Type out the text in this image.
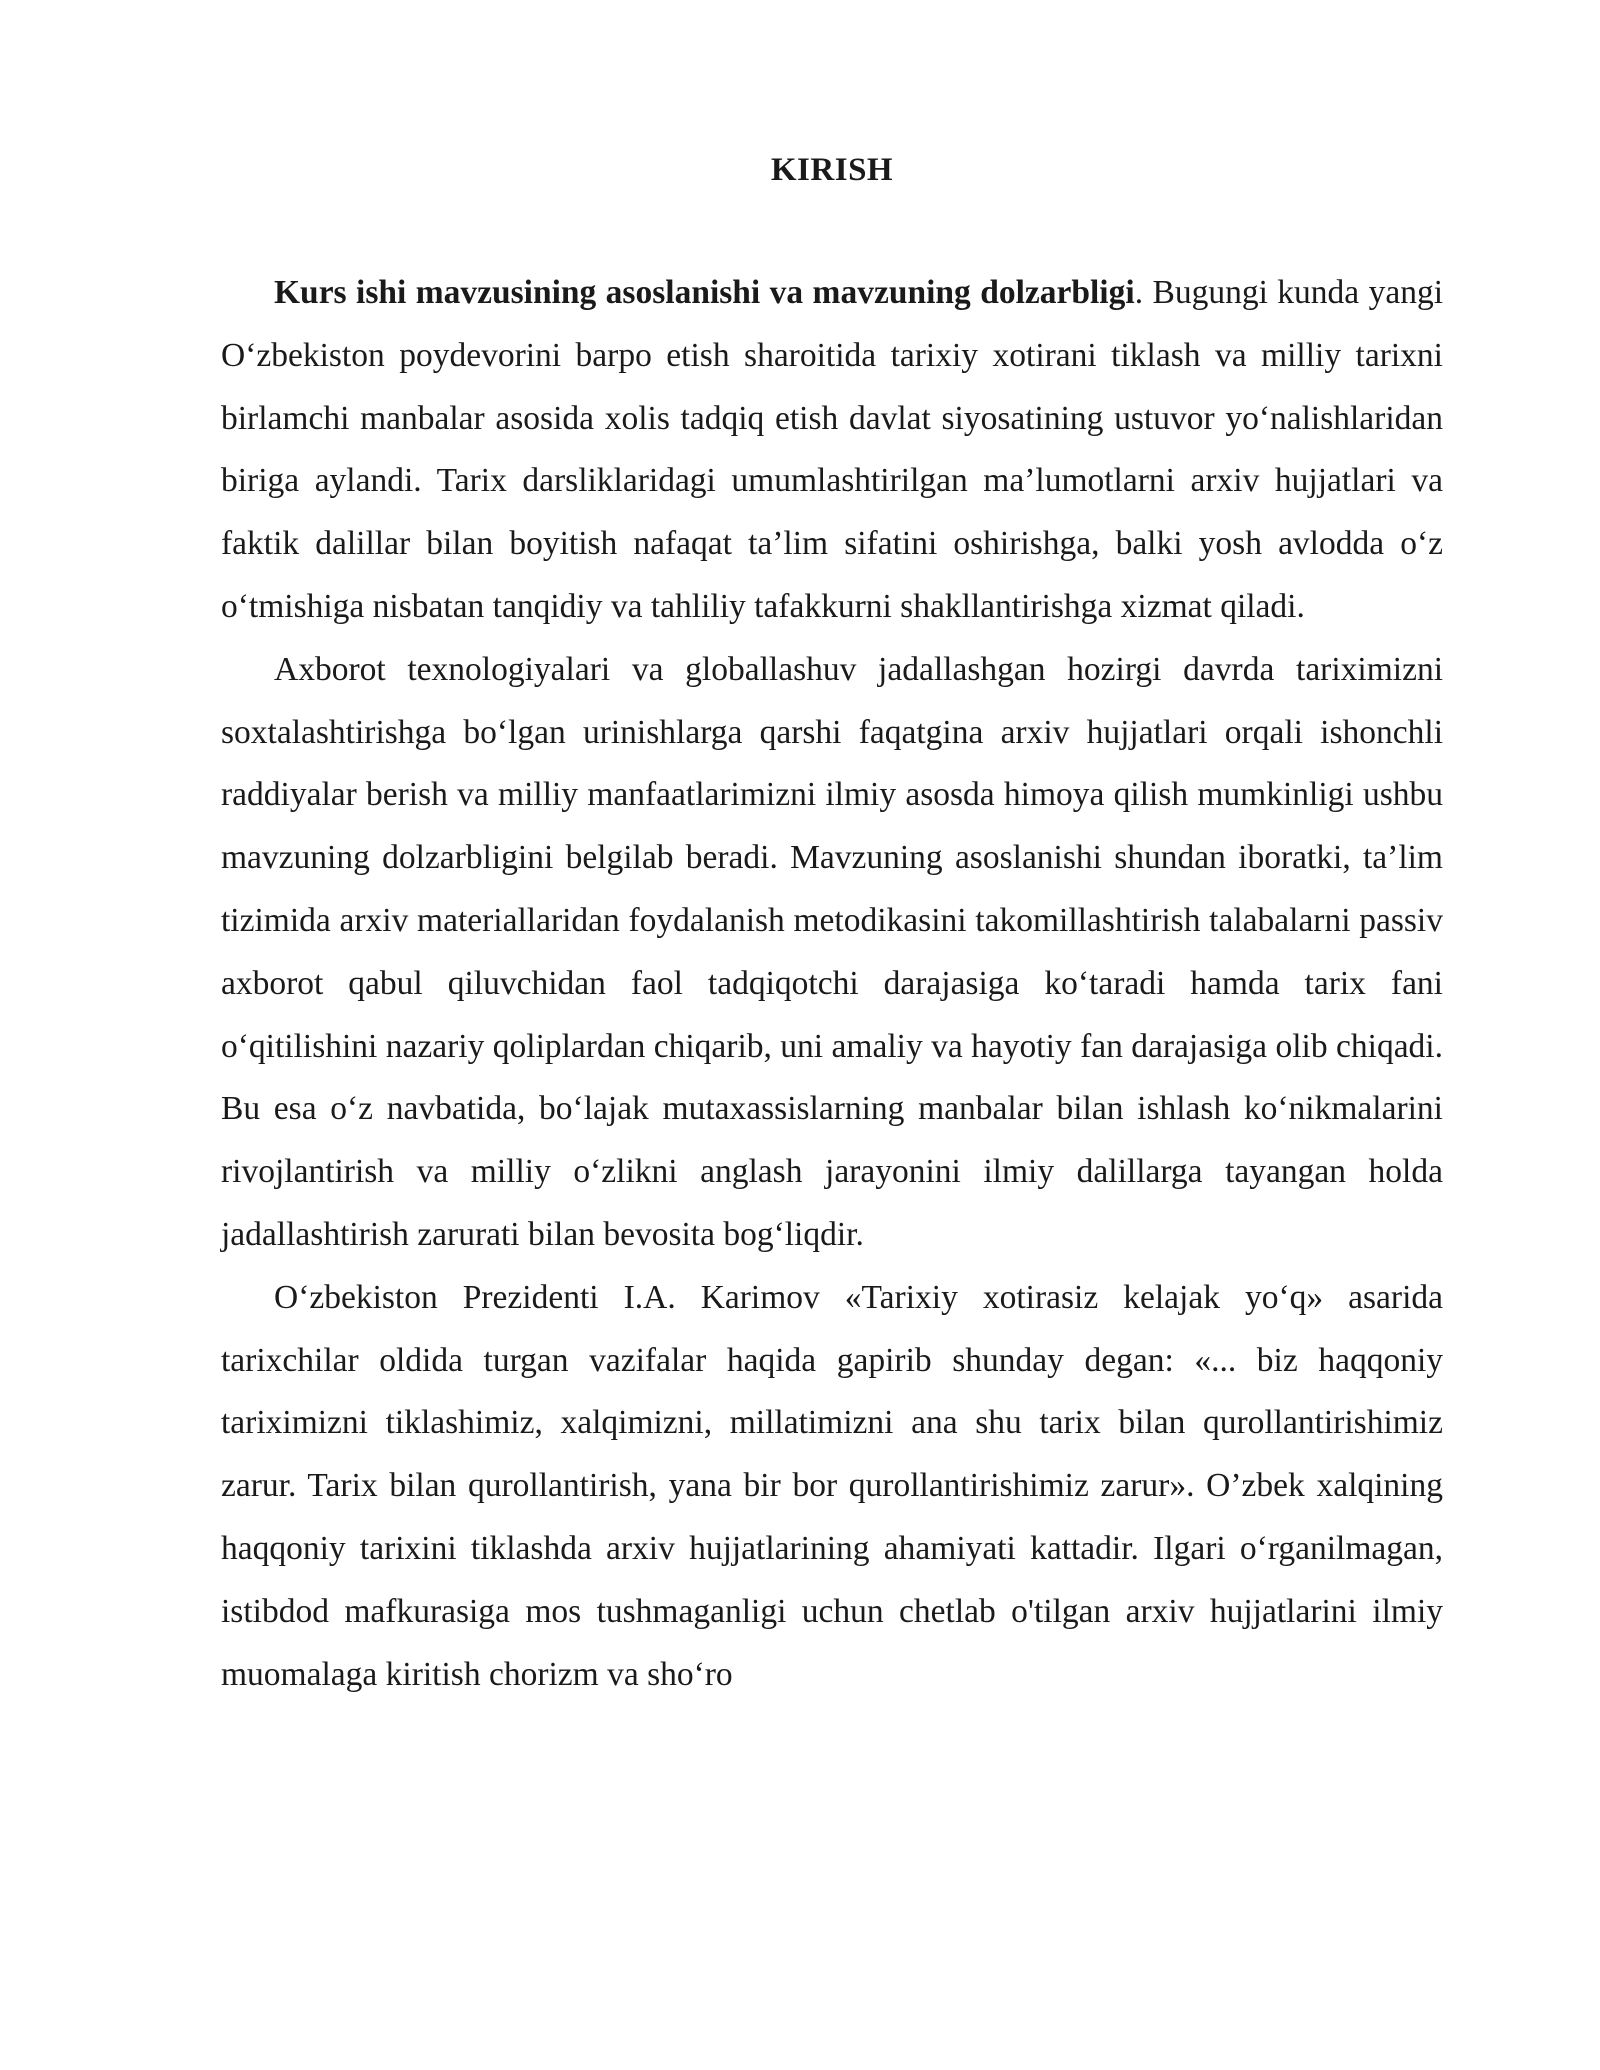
KIRISH

Kurs ishi mavzusining asoslanishi va mavzuning dolzarbligi. Bugungi kunda yangi O‘zbekiston poydevorini barpo etish sharoitida tarixiy xotirani tiklash va milliy tarixni birlamchi manbalar asosida xolis tadqiq etish davlat siyosatining ustuvor yo‘nalishlaridan biriga aylandi. Tarix darsliklaridagi umumlashtirilgan ma’lumotlarni arxiv hujjatlari va faktik dalillar bilan boyitish nafaqat ta’lim sifatini oshirishga, balki yosh avlodda o‘z o‘tmishiga nisbatan tanqidiy va tahliliy tafakkurni shakllantirishga xizmat qiladi.

Axborot texnologiyalari va globallashuv jadallashgan hozirgi davrda tariximizni soxtalashtirishga bo‘lgan urinishlarga qarshi faqatgina arxiv hujjatlari orqali ishonchli raddiyalar berish va milliy manfaatlarimizni ilmiy asosda himoya qilish mumkinligi ushbu mavzuning dolzarbligini belgilab beradi. Mavzuning asoslanishi shundan iboratki, ta’lim tizimida arxiv materiallaridan foydalanish metodikasini takomillashtirish talabalarni passiv axborot qabul qiluvchidan faol tadqiqotchi darajasiga ko‘taradi hamda tarix fani o‘qitilishini nazariy qoliplardan chiqarib, uni amaliy va hayotiy fan darajasiga olib chiqadi. Bu esa o‘z navbatida, bo‘lajak mutaxassislarning manbalar bilan ishlash ko‘nikmalarini rivojlantirish va milliy o‘zlikni anglash jarayonini ilmiy dalillarga tayangan holda jadallashtirish zarurati bilan bevosita bog‘liqdir.

O‘zbekiston Prezidenti I.A. Karimov «Tarixiy xotirasiz kelajak yo‘q» asarida tarixchilar oldida turgan vazifalar haqida gapirib shunday degan: «... biz haqqoniy tariximizni tiklashimiz, xalqimizni, millatimizni ana shu tarix bilan qurollantirishimiz zarur. Tarix bilan qurollantirish, yana bir bor qurollantirishimiz zarur». O’zbek xalqining haqqoniy tarixini tiklashda arxiv hujjatlarining ahamiyati kattadir. Ilgari o‘rganilmagan, istibdod mafkurasiga mos tushmaganligi uchun chetlab o'tilgan arxiv hujjatlarini ilmiy muomalaga kiritish chorizm va sho‘ro
